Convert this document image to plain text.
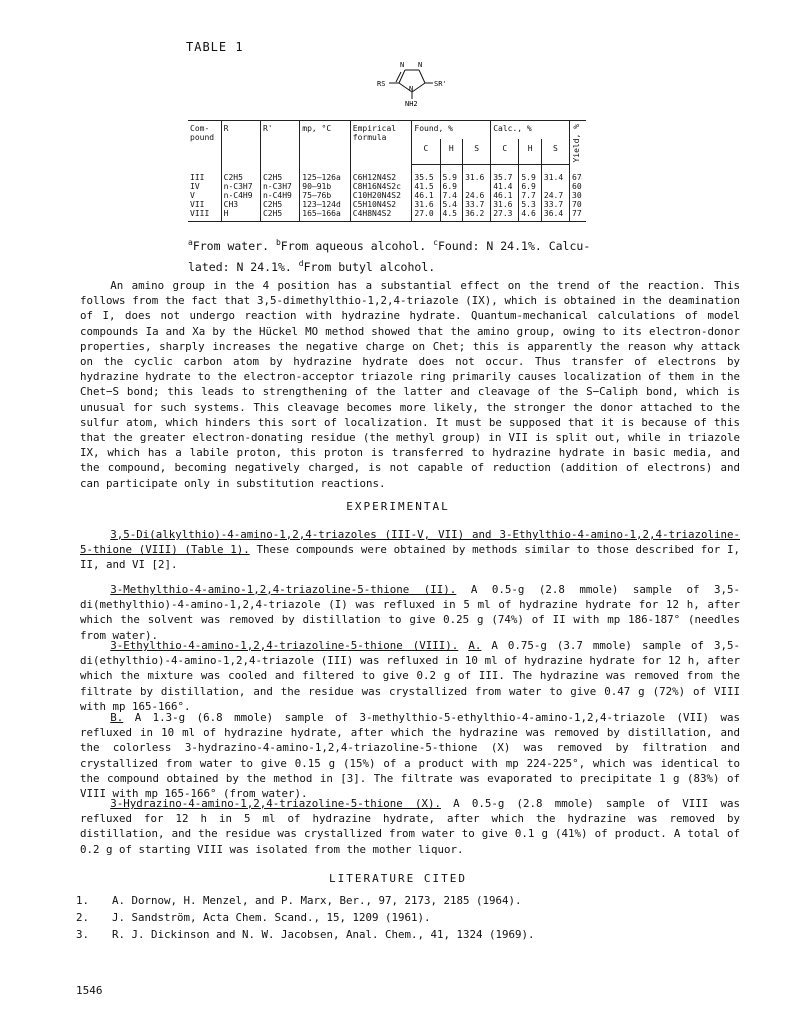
TABLE 1
N N
N
RS	SR'
NH2
Com-
pound	R	R'	mp, °C	Empirical
formula	Found, %			Calc., %			Yield, %
					C	H	S	C	H	S	
III	C2H5	C2H5	125—126a	C6H12N4S2	35.5	5.9	31.6	35.7	5.9	31.4	67
IV	n-C3H7	n-C3H7	90—91b	C8H16N4S2c	41.5	6.9		41.4	6.9		60
V	n-C4H9	n-C4H9	75—76b	C10H20N4S2	46.1	7.4	24.6	46.1	7.7	24.7	30
VII	CH3	C2H5	123—124d	C5H10N4S2	31.6	5.4	33.7	31.6	5.3	33.7	70
VIII	H	C2H5	165—166a	C4H8N4S2	27.0	4.5	36.2	27.3	4.6	36.4	77
$^a$From water. $^b$From aqueous alcohol. $^c$Found: N 24.1%. Calcu-
lated: N 24.1%. $^d$From butyl alcohol.
An amino group in the 4 position has a substantial effect on the trend of the reaction. This follows from the fact that 3,5-dimethylthio-1,2,4-triazole (IX), which is obtained in the deamination of I, does not undergo reaction with hydrazine hydrate. Quantum-mechanical calculations of model compounds Ia and Xa by the Hückel MO method showed that the amino group, owing to its electron-donor properties, sharply increases the negative charge on Chet; this is apparently the reason why attack on the cyclic carbon atom by hydrazine hydrate does not occur. Thus transfer of electrons by hydrazine hydrate to the electron-acceptor triazole ring primarily causes localization of them in the Chet−S bond; this leads to strengthening of the latter and cleavage of the S−Caliph bond, which is unusual for such systems. This cleavage becomes more likely, the stronger the donor attached to the sulfur atom, which hinders this sort of localization. It must be supposed that it is because of this that the greater electron-donating residue (the methyl group) in VII is split out, while in triazole IX, which has a labile proton, this proton is transferred to hydrazine hydrate in basic media, and the compound, becoming negatively charged, is not capable of reduction (addition of electrons) and can participate only in substitution reactions.
EXPERIMENTAL
3,5-Di(alkylthio)-4-amino-1,2,4-triazoles (III-V, VII) and 3-Ethylthio-4-amino-1,2,4-triazoline-5-thione (VIII) (Table 1). These compounds were obtained by methods similar to those described for I, II, and VI [2].
3-Methylthio-4-amino-1,2,4-triazoline-5-thione (II). A 0.5-g (2.8 mmole) sample of 3,5-di(methylthio)-4-amino-1,2,4-triazole (I) was refluxed in 5 ml of hydrazine hydrate for 12 h, after which the solvent was removed by distillation to give 0.25 g (74%) of II with mp 186-187° (needles from water).
3-Ethylthio-4-amino-1,2,4-triazoline-5-thione (VIII). A. A 0.75-g (3.7 mmole) sample of 3,5-di(ethylthio)-4-amino-1,2,4-triazole (III) was refluxed in 10 ml of hydrazine hydrate for 12 h, after which the mixture was cooled and filtered to give 0.2 g of III. The hydrazine was removed from the filtrate by distillation, and the residue was crystallized from water to give 0.47 g (72%) of VIII with mp 165-166°.
B. A 1.3-g (6.8 mmole) sample of 3-methylthio-5-ethylthio-4-amino-1,2,4-triazole (VII) was refluxed in 10 ml of hydrazine hydrate, after which the hydrazine was removed by distillation, and the colorless 3-hydrazino-4-amino-1,2,4-triazoline-5-thione (X) was removed by filtration and crystallized from water to give 0.15 g (15%) of a product with mp 224-225°, which was identical to the compound obtained by the method in [3]. The filtrate was evaporated to precipitate 1 g (83%) of VIII with mp 165-166° (from water).
3-Hydrazino-4-amino-1,2,4-triazoline-5-thione (X). A 0.5-g (2.8 mmole) sample of VIII was refluxed for 12 h in 5 ml of hydrazine hydrate, after which the hydrazine was removed by distillation, and the residue was crystallized from water to give 0.1 g (41%) of product. A total of 0.2 g of starting VIII was isolated from the mother liquor.
LITERATURE CITED
1.	A. Dornow, H. Menzel, and P. Marx, Ber., 97, 2173, 2185 (1964).
2.	J. Sandström, Acta Chem. Scand., 15, 1209 (1961).
3.	R. J. Dickinson and N. W. Jacobsen, Anal. Chem., 41, 1324 (1969).
1546
